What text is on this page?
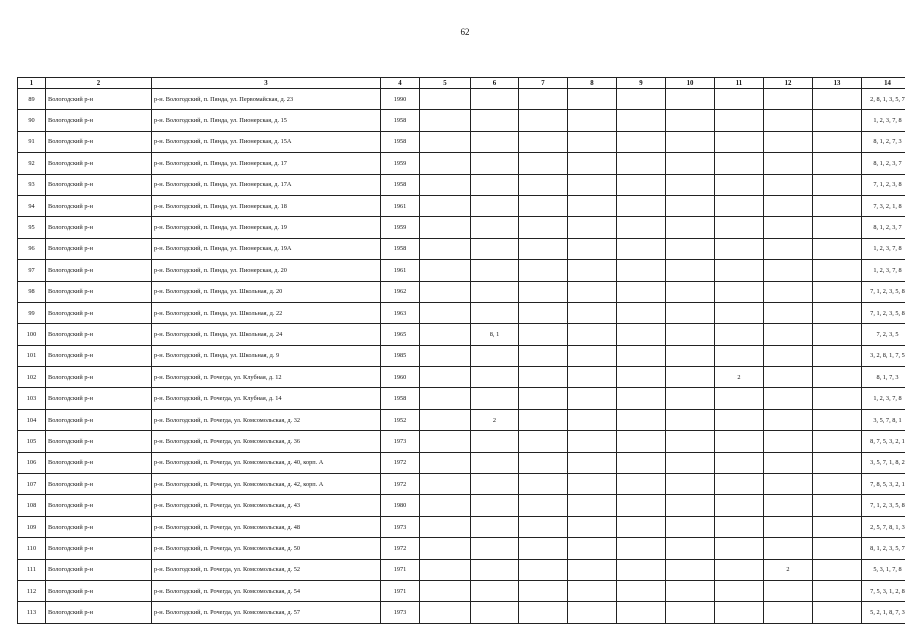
62
1	2	3	4	5	6	7	8	9	10	11	12	13	14
89	Вологодский р-н	р-н. Вологодский, п. Пянда, ул. Первомайская, д. 23	1990										2, 8, 1, 3, 5, 7
90	Вологодский р-н	р-н. Вологодский, п. Пянда, ул. Пионерская, д. 15	1958										1, 2, 3, 7, 8
91	Вологодский р-н	р-н. Вологодский, п. Пянда, ул. Пионерская, д. 15А	1958										8, 1, 2, 7, 3
92	Вологодский р-н	р-н. Вологодский, п. Пянда, ул. Пионерская, д. 17	1959										8, 1, 2, 3, 7
93	Вологодский р-н	р-н. Вологодский, п. Пянда, ул. Пионерская, д. 17А	1958										7, 1, 2, 3, 8
94	Вологодский р-н	р-н. Вологодский, п. Пянда, ул. Пионерская, д. 18	1961										7, 3, 2, 1, 8
95	Вологодский р-н	р-н. Вологодский, п. Пянда, ул. Пионерская, д. 19	1959										8, 1, 2, 3, 7
96	Вологодский р-н	р-н. Вологодский, п. Пянда, ул. Пионерская, д. 19А	1958										1, 2, 3, 7, 8
97	Вологодский р-н	р-н. Вологодский, п. Пянда, ул. Пионерская, д. 20	1961										1, 2, 3, 7, 8
98	Вологодский р-н	р-н. Вологодский, п. Пянда, ул. Школьная, д. 20	1962										7, 1, 2, 3, 5, 8
99	Вологодский р-н	р-н. Вологодский, п. Пянда, ул. Школьная, д. 22	1963										7, 1, 2, 3, 5, 8
100	Вологодский р-н	р-н. Вологодский, п. Пянда, ул. Школьная, д. 24	1965		8, 1								7, 2, 3, 5
101	Вологодский р-н	р-н. Вологодский, п. Пянда, ул. Школьная, д. 9	1985										3, 2, 8, 1, 7, 5
102	Вологодский р-н	р-н. Вологодский, п. Рочегда, ул. Клубная, д. 12	1960							2			8, 1, 7, 3
103	Вологодский р-н	р-н. Вологодский, п. Рочегда, ул. Клубная, д. 14	1958										1, 2, 3, 7, 8
104	Вологодский р-н	р-н. Вологодский, п. Рочегда, ул. Комсомольская, д. 32	1952		2								3, 5, 7, 8, 1
105	Вологодский р-н	р-н. Вологодский, п. Рочегда, ул. Комсомольская, д. 36	1973										8, 7, 5, 3, 2, 1
106	Вологодский р-н	р-н. Вологодский, п. Рочегда, ул. Комсомольская, д. 40, корп. А	1972										3, 5, 7, 1, 8, 2
107	Вологодский р-н	р-н. Вологодский, п. Рочегда, ул. Комсомольская, д. 42, корп. А	1972										7, 8, 5, 3, 2, 1
108	Вологодский р-н	р-н. Вологодский, п. Рочегда, ул. Комсомольская, д. 43	1980										7, 1, 2, 3, 5, 8
109	Вологодский р-н	р-н. Вологодский, п. Рочегда, ул. Комсомольская, д. 48	1973										2, 5, 7, 8, 1, 3
110	Вологодский р-н	р-н. Вологодский, п. Рочегда, ул. Комсомольская, д. 50	1972										8, 1, 2, 3, 5, 7
111	Вологодский р-н	р-н. Вологодский, п. Рочегда, ул. Комсомольская, д. 52	1971								2		5, 3, 1, 7, 8
112	Вологодский р-н	р-н. Вологодский, п. Рочегда, ул. Комсомольская, д. 54	1971										7, 5, 3, 1, 2, 8
113	Вологодский р-н	р-н. Вологодский, п. Рочегда, ул. Комсомольская, д. 57	1973										5, 2, 1, 8, 7, 3
